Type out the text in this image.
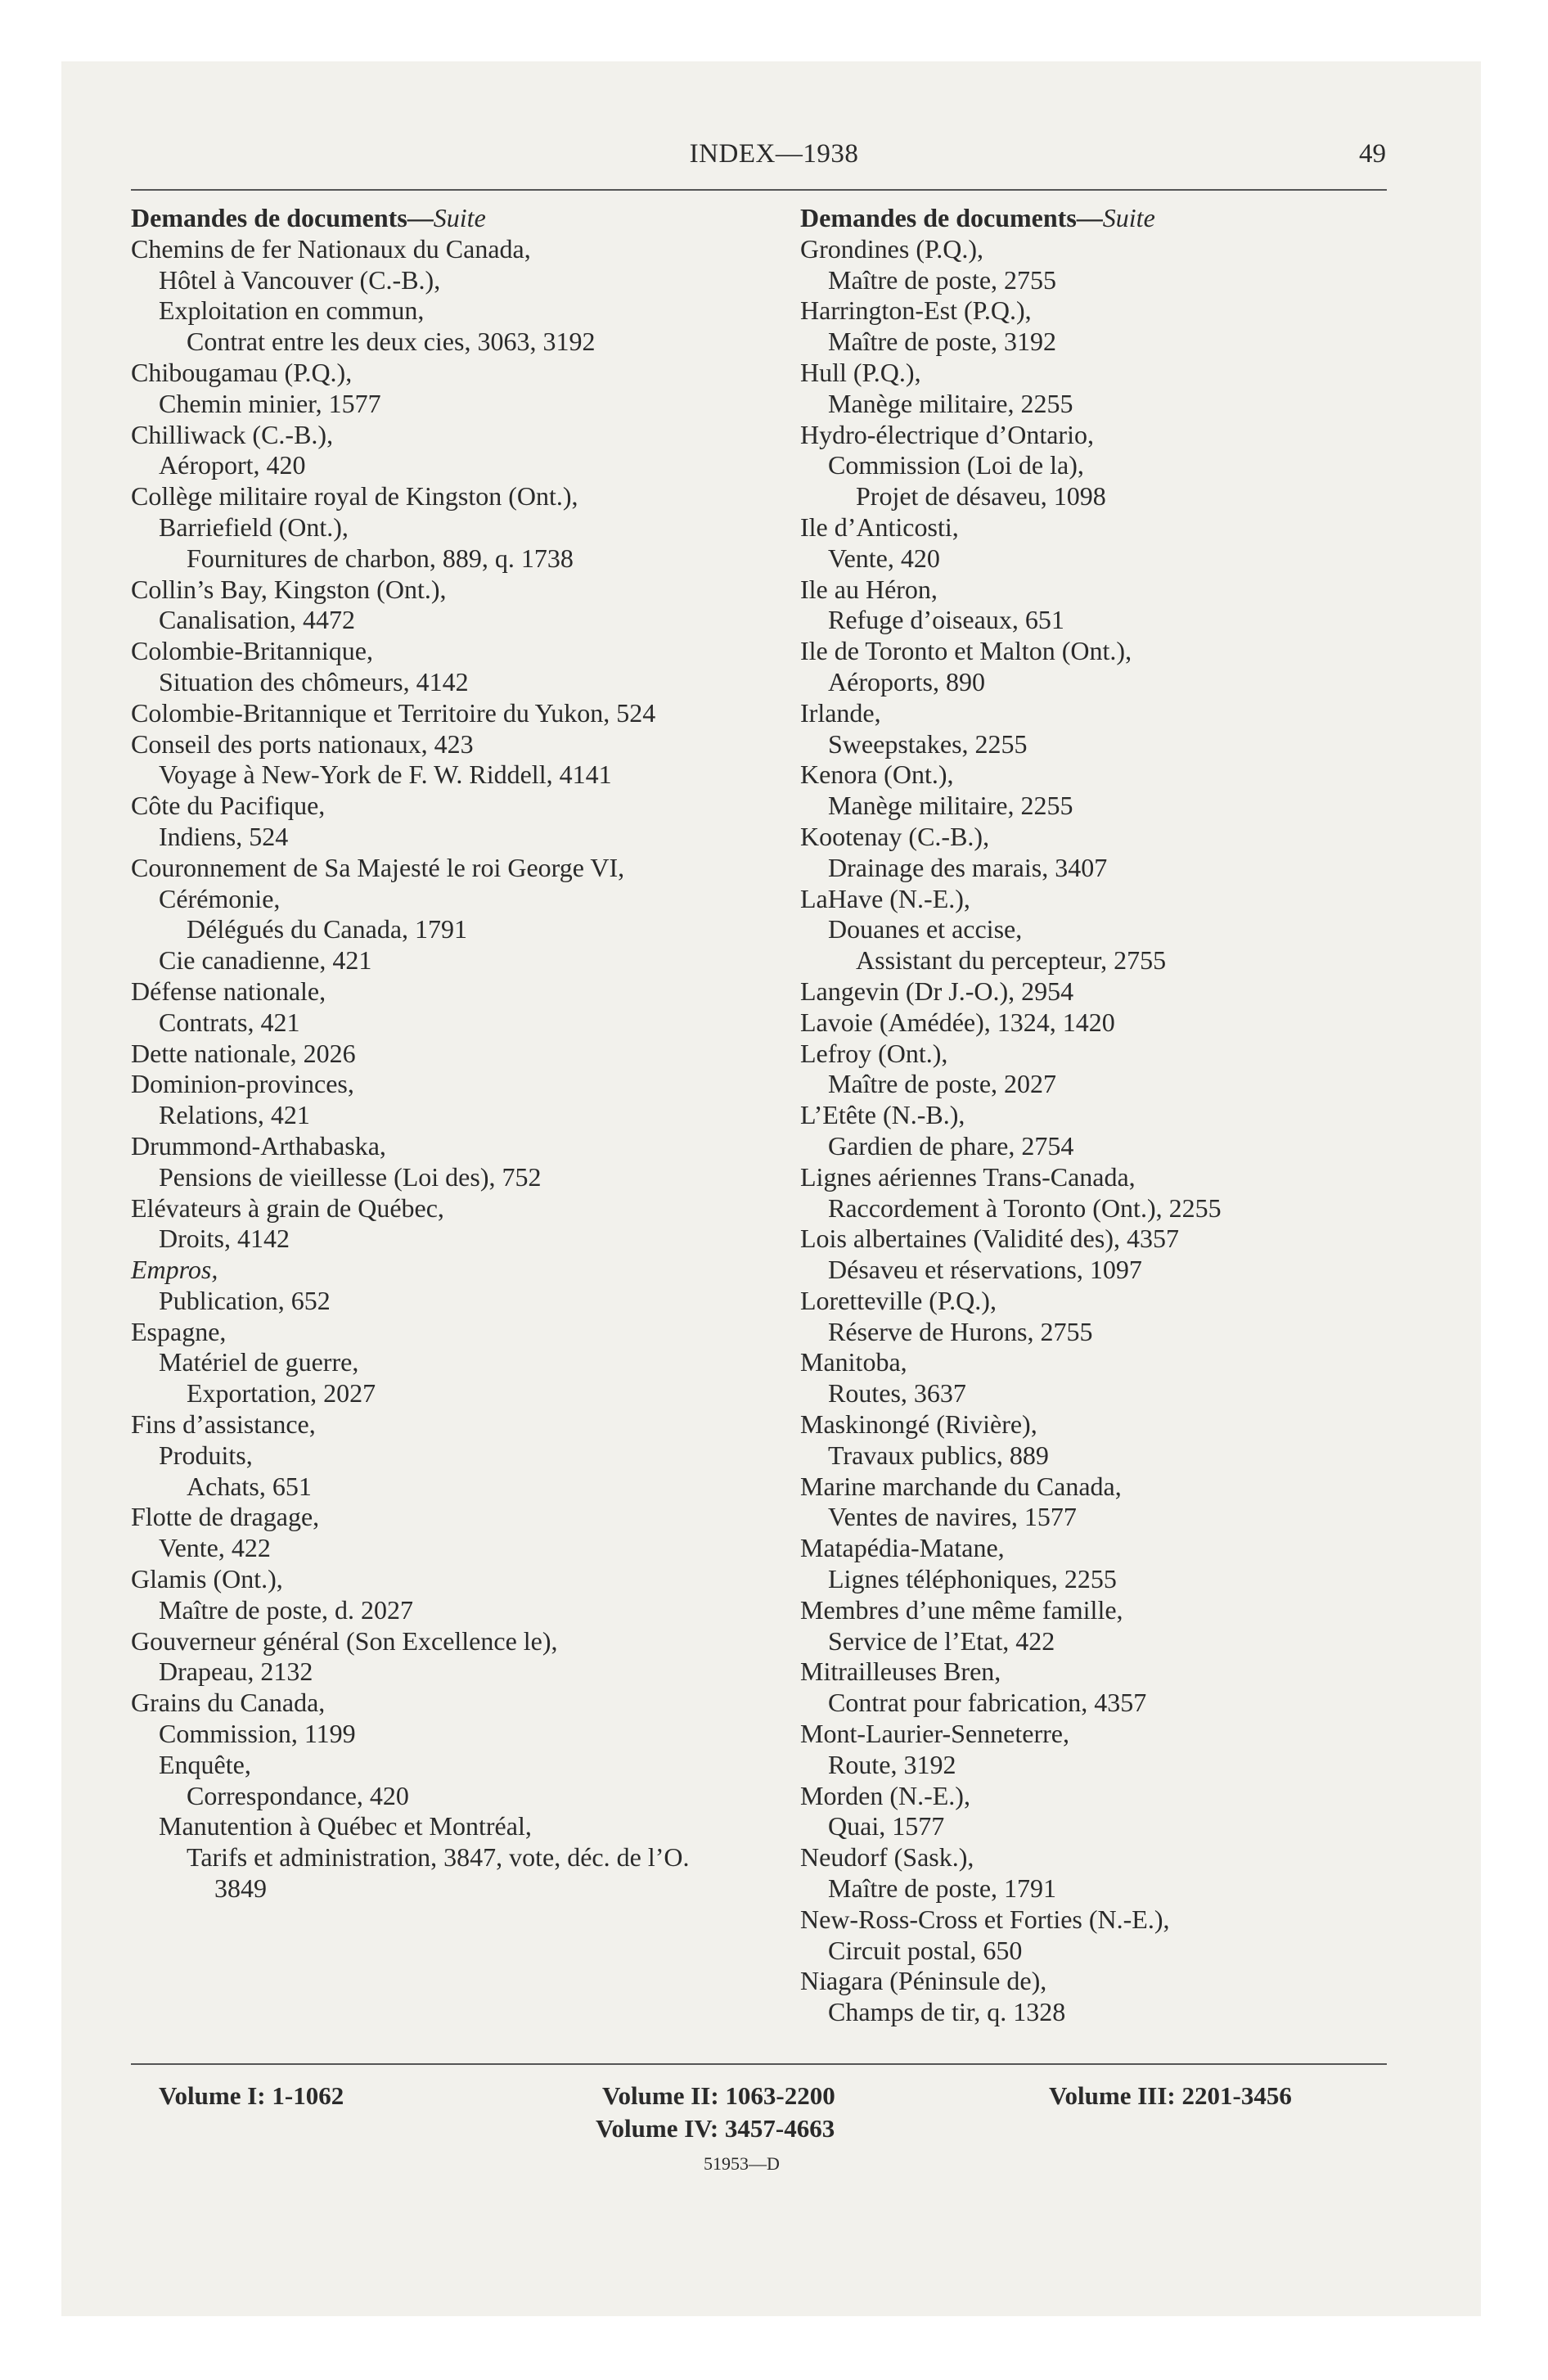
INDEX—1938	49
Demandes de documents—Suite
Chemins de fer Nationaux du Canada,
Hôtel à Vancouver (C.-B.),
Exploitation en commun,
Contrat entre les deux cies, 3063, 3192
Chibougamau (P.Q.),
Chemin minier, 1577
Chilliwack (C.-B.),
Aéroport, 420
Collège militaire royal de Kingston (Ont.),
Barriefield (Ont.),
Fournitures de charbon, 889, q. 1738
Collin’s Bay, Kingston (Ont.),
Canalisation, 4472
Colombie-Britannique,
Situation des chômeurs, 4142
Colombie-Britannique et Territoire du Yukon, 524
Conseil des ports nationaux, 423
Voyage à New-York de F. W. Riddell, 4141
Côte du Pacifique,
Indiens, 524
Couronnement de Sa Majesté le roi George VI,
Cérémonie,
Délégués du Canada, 1791
Cie canadienne, 421
Défense nationale,
Contrats, 421
Dette nationale, 2026
Dominion-provinces,
Relations, 421
Drummond-Arthabaska,
Pensions de vieillesse (Loi des), 752
Elévateurs à grain de Québec,
Droits, 4142
Empros,
Publication, 652
Espagne,
Matériel de guerre,
Exportation, 2027
Fins d’assistance,
Produits,
Achats, 651
Flotte de dragage,
Vente, 422
Glamis (Ont.),
Maître de poste, d. 2027
Gouverneur général (Son Excellence le),
Drapeau, 2132
Grains du Canada,
Commission, 1199
Enquête,
Correspondance, 420
Manutention à Québec et Montréal,
Tarifs et administration, 3847, vote, déc. de l’O. 3849
Demandes de documents—Suite
Grondines (P.Q.),
Maître de poste, 2755
Harrington-Est (P.Q.),
Maître de poste, 3192
Hull (P.Q.),
Manège militaire, 2255
Hydro-électrique d’Ontario,
Commission (Loi de la),
Projet de désaveu, 1098
Ile d’Anticosti,
Vente, 420
Ile au Héron,
Refuge d’oiseaux, 651
Ile de Toronto et Malton (Ont.),
Aéroports, 890
Irlande,
Sweepstakes, 2255
Kenora (Ont.),
Manège militaire, 2255
Kootenay (C.-B.),
Drainage des marais, 3407
LaHave (N.-E.),
Douanes et accise,
Assistant du percepteur, 2755
Langevin (Dr J.-O.), 2954
Lavoie (Amédée), 1324, 1420
Lefroy (Ont.),
Maître de poste, 2027
L’Etête (N.-B.),
Gardien de phare, 2754
Lignes aériennes Trans-Canada,
Raccordement à Toronto (Ont.), 2255
Lois albertaines (Validité des), 4357
Désaveu et réservations, 1097
Loretteville (P.Q.),
Réserve de Hurons, 2755
Manitoba,
Routes, 3637
Maskinongé (Rivière),
Travaux publics, 889
Marine marchande du Canada,
Ventes de navires, 1577
Matapédia-Matane,
Lignes téléphoniques, 2255
Membres d’une même famille,
Service de l’Etat, 422
Mitrailleuses Bren,
Contrat pour fabrication, 4357
Mont-Laurier-Senneterre,
Route, 3192
Morden (N.-E.),
Quai, 1577
Neudorf (Sask.),
Maître de poste, 1791
New-Ross-Cross et Forties (N.-E.),
Circuit postal, 650
Niagara (Péninsule de),
Champs de tir, q. 1328
Volume I: 1-1062	Volume II: 1063-2200	Volume III: 2201-3456
Volume IV: 3457-4663
51953—D
